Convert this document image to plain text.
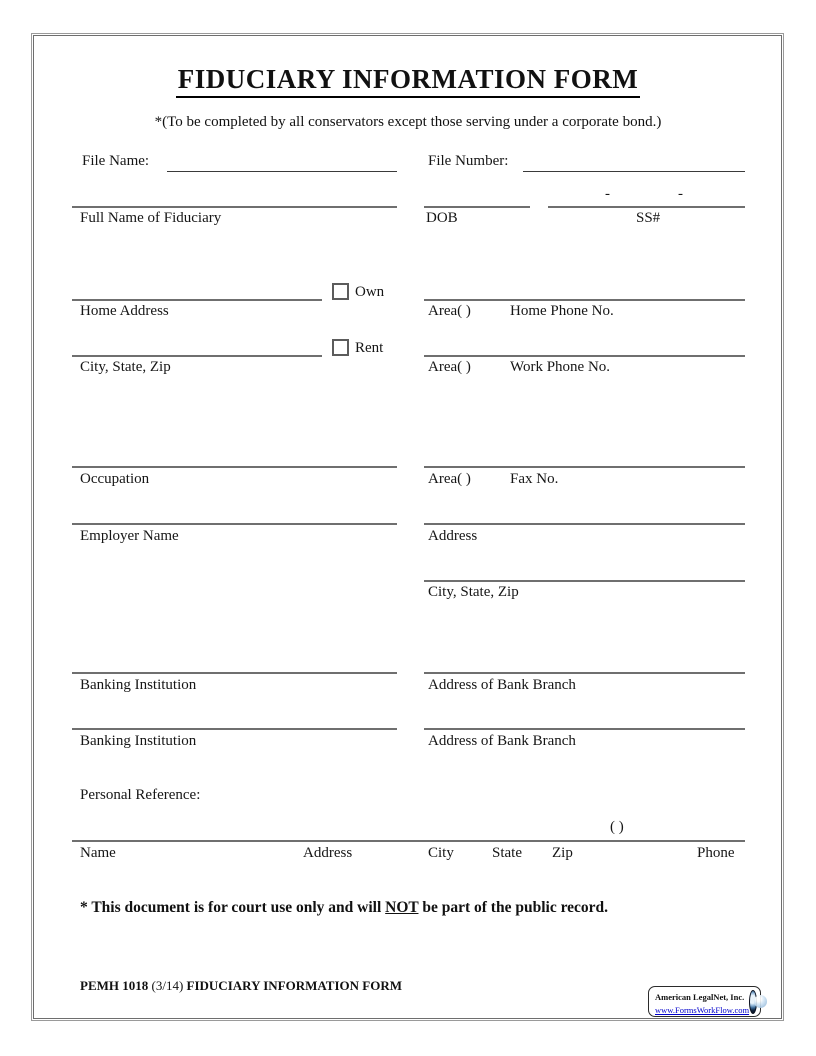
FIDUCIARY INFORMATION FORM
*(To be completed by all conservators except those serving under a corporate bond.)
File Name:	File Number:
-	-
Full Name of Fiduciary	DOB	SS#
Own
Home Address	Area( )	Home Phone No.
Rent
City, State, Zip	Area( )	Work Phone No.
Occupation	Area( )	Fax No.
Employer Name	Address
City, State, Zip
Banking Institution	Address of Bank Branch
Banking Institution	Address of Bank Branch
Personal Reference:
( )
Name	Address	City	State Zip	Phone
* This document is for court use only and will NOT be part of the public record.
PEMH 1018 (3/14) FIDUCIARY INFORMATION FORM
American LegalNet, Inc.
www.FormsWorkFlow.com
